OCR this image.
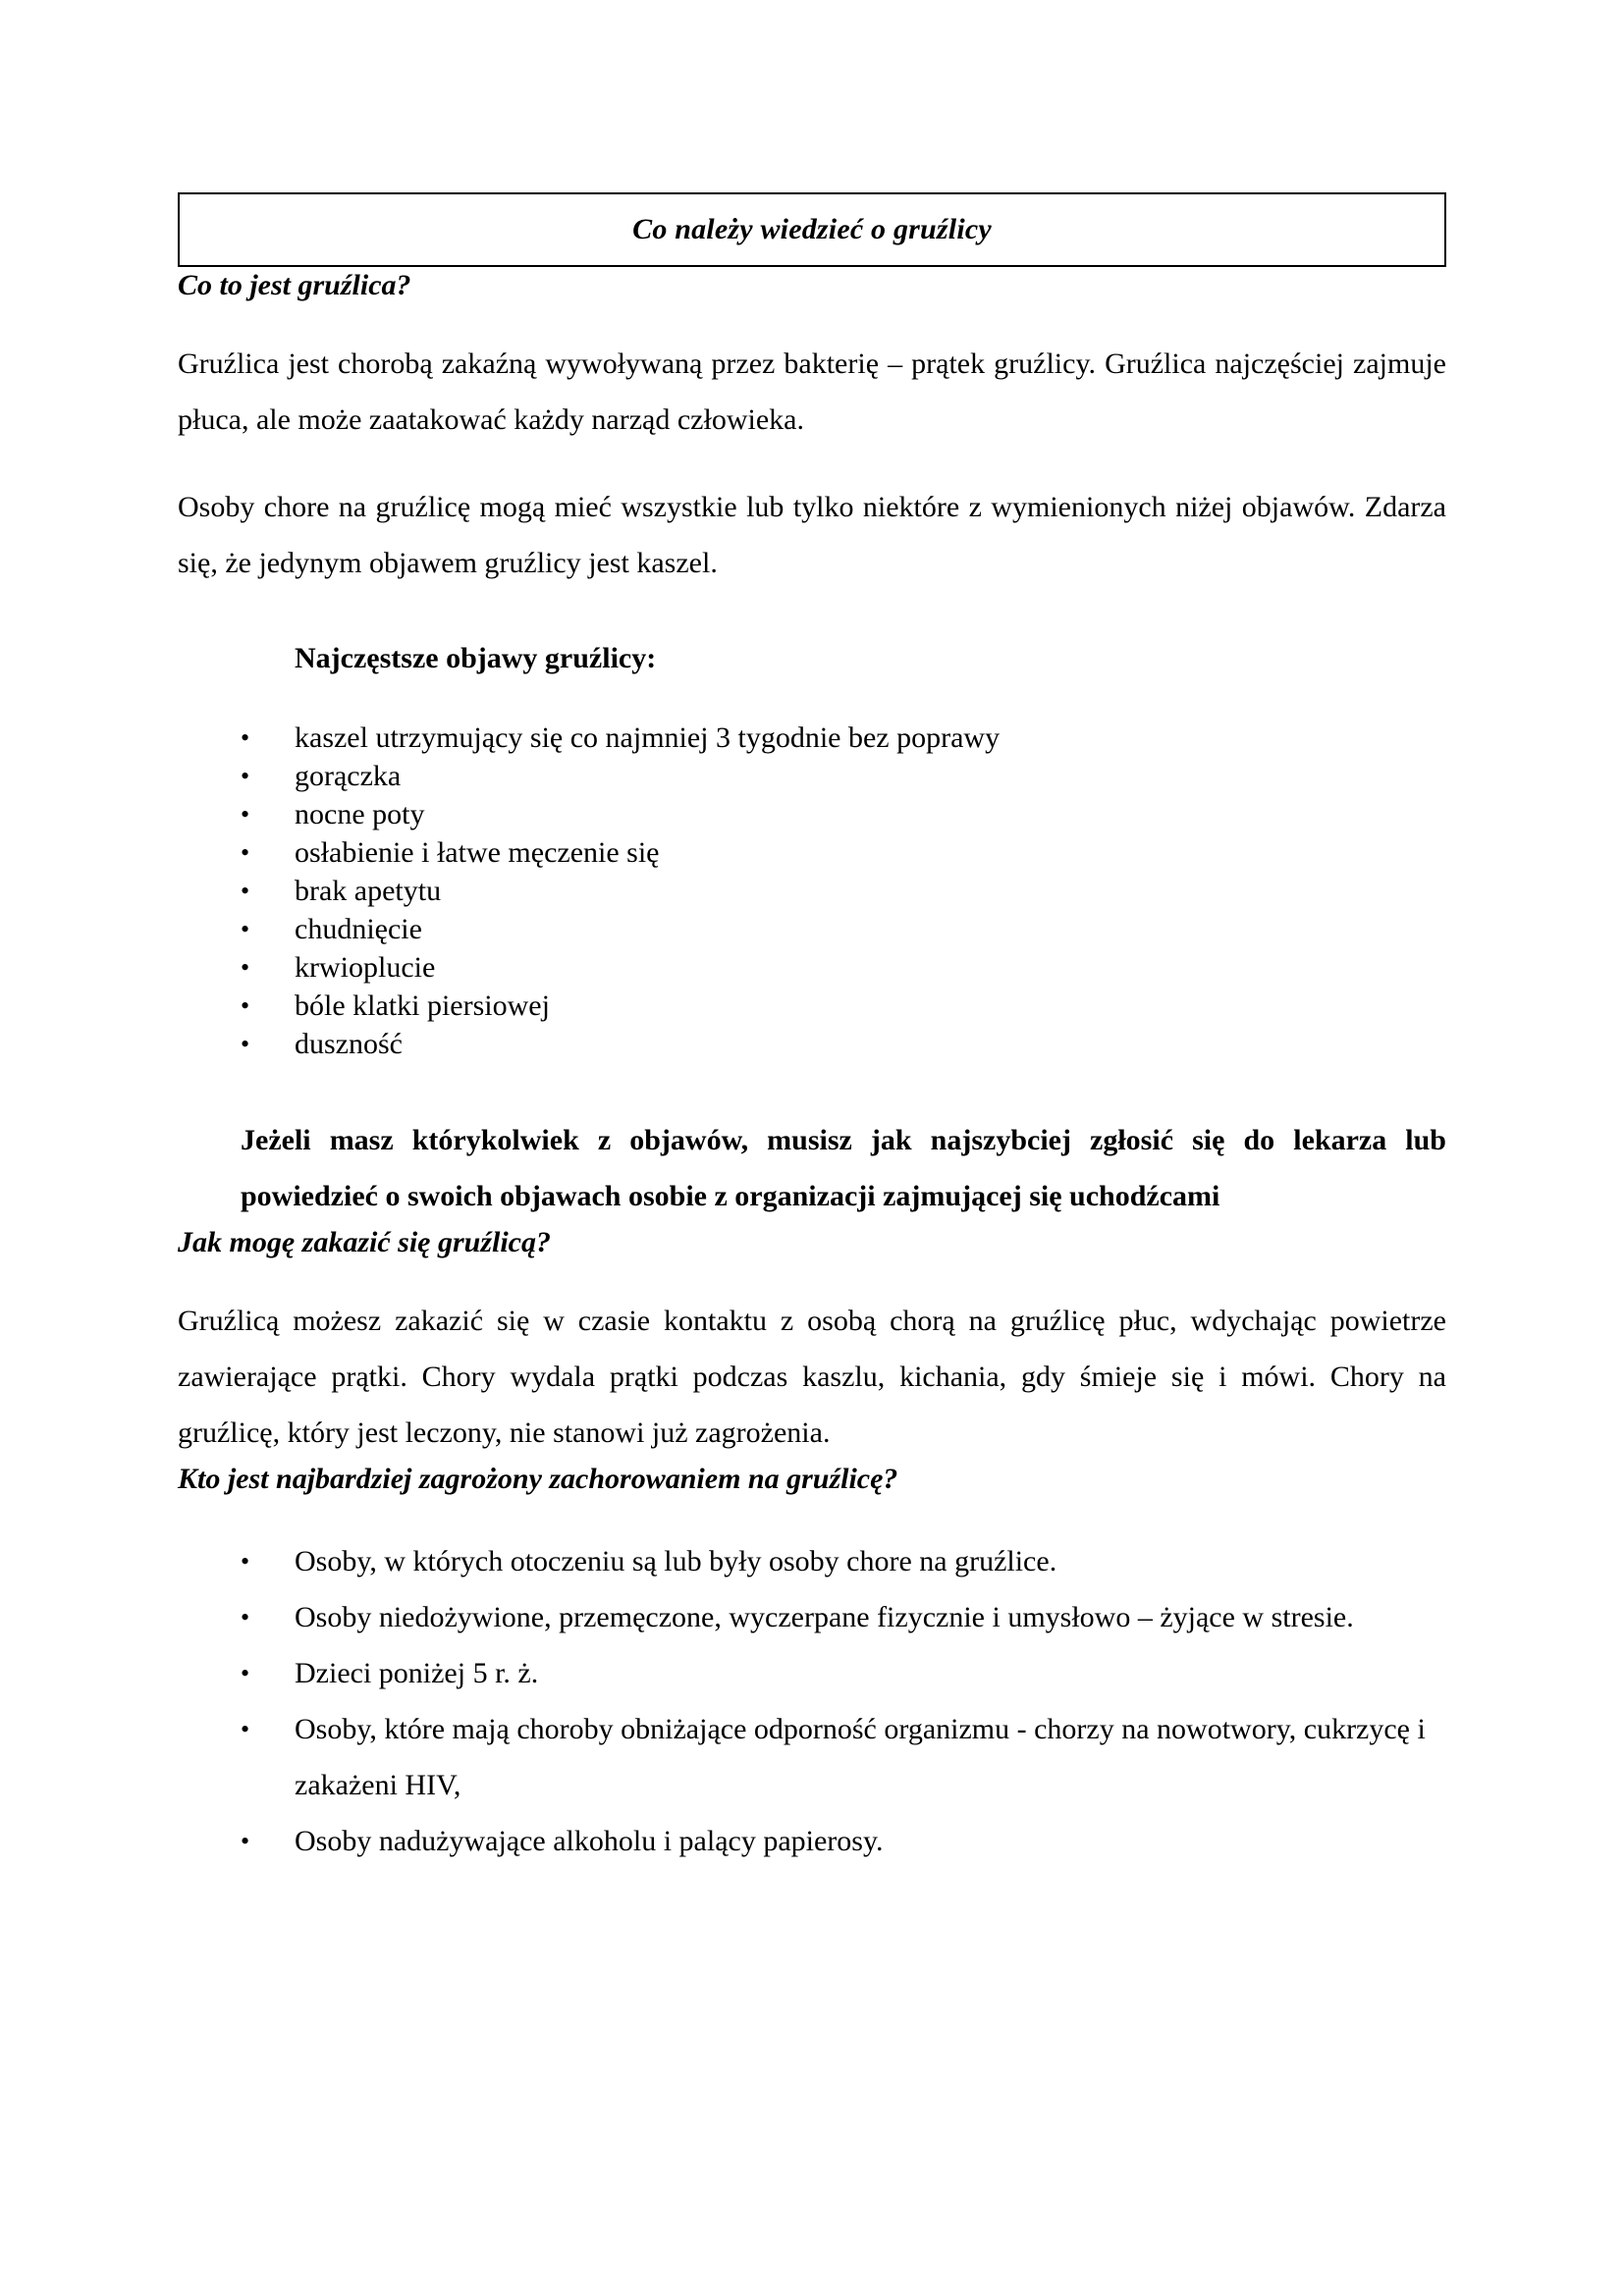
Co należy wiedzieć o gruźlicy
Co to jest gruźlica?

Gruźlica jest chorobą zakaźną wywoływaną przez bakterię – prątek gruźlicy. Gruźlica najczęściej zajmuje płuca, ale może zaatakować każdy narząd człowieka.

Osoby chore na gruźlicę mogą mieć wszystkie lub tylko niektóre z wymienionych niżej objawów. Zdarza się, że jedynym objawem gruźlicy jest kaszel.

Najczęstsze objawy gruźlicy:

• kaszel utrzymujący się co najmniej 3 tygodnie bez poprawy
• gorączka
• nocne poty
• osłabienie i łatwe męczenie się
• brak apetytu
• chudnięcie
• krwioplucie
• bóle klatki piersiowej
• duszność

Jeżeli masz którykolwiek z objawów, musisz jak najszybciej zgłosić się do lekarza lub powiedzieć o swoich objawach osobie z organizacji zajmującej się uchodźcami

Jak mogę zakazić się gruźlicą?

Gruźlicą możesz zakazić się w czasie kontaktu z osobą chorą na gruźlicę płuc, wdychając powietrze zawierające prątki. Chory wydala prątki podczas kaszlu, kichania, gdy śmieje się i mówi. Chory na gruźlicę, który jest leczony, nie stanowi już zagrożenia.

Kto jest najbardziej zagrożony zachorowaniem na gruźlicę?
• Osoby, w których otoczeniu są lub były osoby chore na gruźlice.
• Osoby niedożywione, przemęczone, wyczerpane fizycznie i umysłowo – żyjące w stresie.
• Dzieci poniżej 5 r. ż.
• Osoby, które mają choroby obniżające odporność organizmu - chorzy na nowotwory, cukrzycę i zakażeni HIV,
• Osoby nadużywające alkoholu i palący papierosy.
